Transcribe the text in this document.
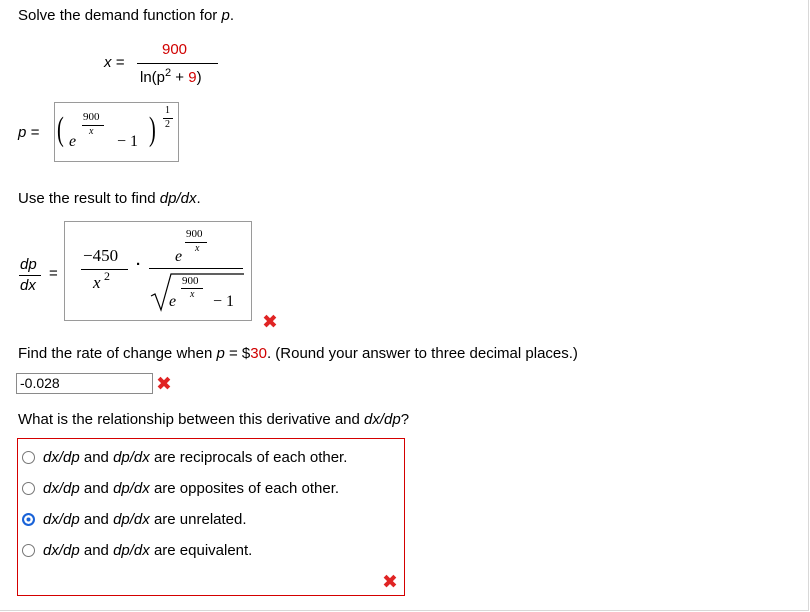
Solve the demand function for p.
x =
900
$\ln(p^2 + 9)$
p = ( e
900
x
− 1 )
1
2
Use the result to find dp/dx.
dp
dx
=
−450
x 2
· e
900
x
e
900
x − 1
✖
Find the rate of change when p = $30. (Round your answer to three decimal places.)
-0.028	✖
What is the relationship between this derivative and dx/dp?
dx/dp and dp/dx are reciprocals of each other.
dx/dp and dp/dx are opposites of each other.
dx/dp and dp/dx are unrelated.
dx/dp and dp/dx are equivalent.
✖
